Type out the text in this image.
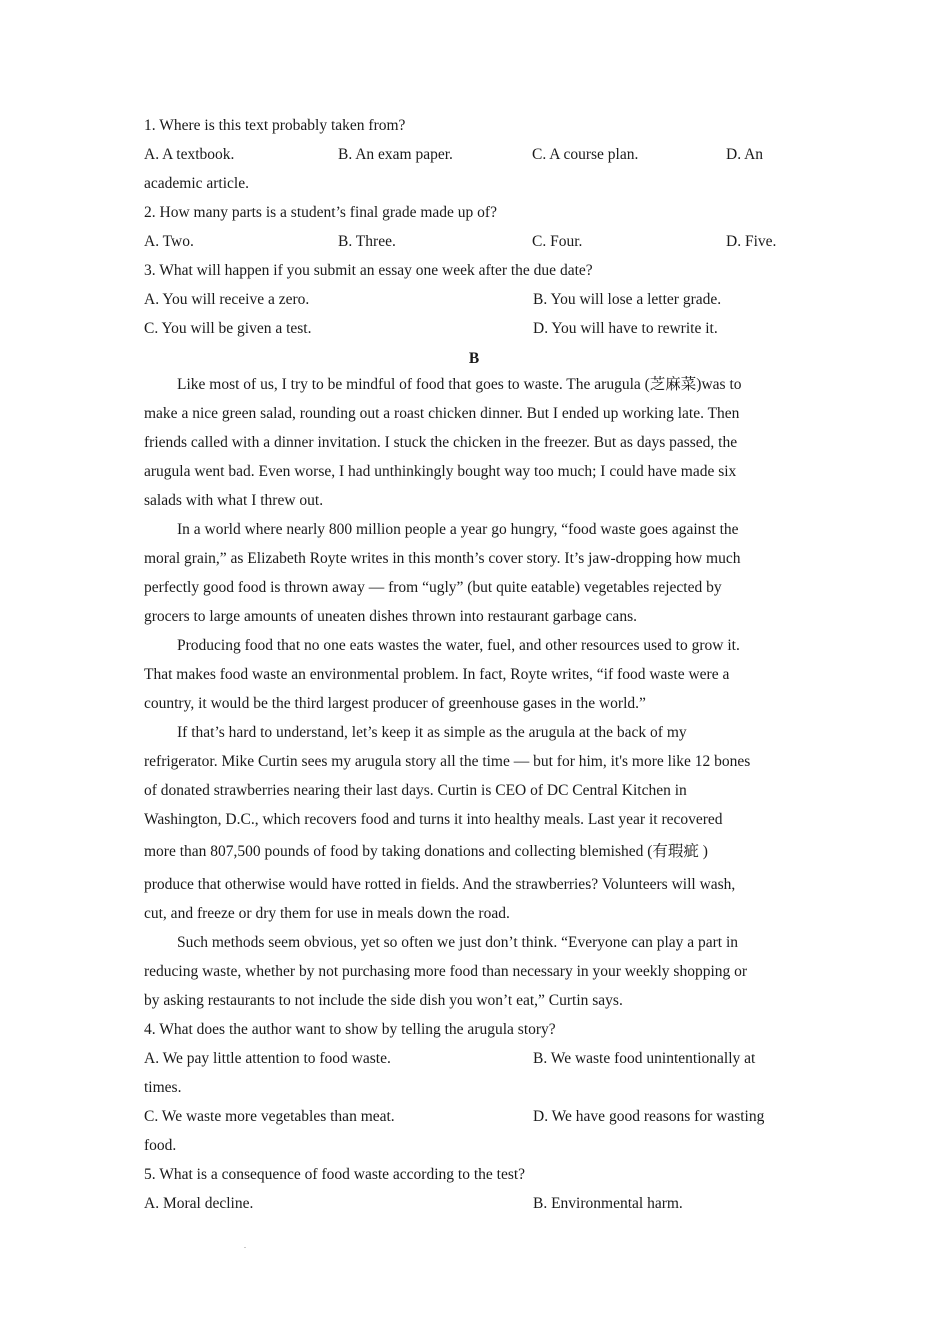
1. Where is this text probably taken from?
A. A textbook.	B. An exam paper.	C. A course plan.	D. An
academic article.
2. How many parts is a student’s final grade made up of?
A. Two.	B. Three.	C. Four.	D. Five.
3. What will happen if you submit an essay one week after the due date?
A. You will receive a zero.	B. You will lose a letter grade.
C. You will be given a test.	D. You will have to rewrite it.
B
Like most of us, I try to be mindful of food that goes to waste. The arugula (芝麻菜)was to
make a nice green salad, rounding out a roast chicken dinner. But I ended up working late. Then
friends called with a dinner invitation. I stuck the chicken in the freezer. But as days passed, the
arugula went bad. Even worse, I had unthinkingly bought way too much; I could have made six
salads with what I threw out.
In a world where nearly 800 million people a year go hungry, “food waste goes against the
moral grain,” as Elizabeth Royte writes in this month’s cover story. It’s jaw-dropping how much
perfectly good food is thrown away — from “ugly” (but quite eatable) vegetables rejected by
grocers to large amounts of uneaten dishes thrown into restaurant garbage cans.
Producing food that no one eats wastes the water, fuel, and other resources used to grow it.
That makes food waste an environmental problem. In fact, Royte writes, “if food waste were a
country, it would be the third largest producer of greenhouse gases in the world.”
If that’s hard to understand, let’s keep it as simple as the arugula at the back of my
refrigerator. Mike Curtin sees my arugula story all the time — but for him, it's more like 12 bones
of donated strawberries nearing their last days. Curtin is CEO of DC Central Kitchen in
Washington, D.C., which recovers food and turns it into healthy meals. Last year it recovered
more than 807,500 pounds of food by taking donations and collecting blemished (有瑕疵 )
produce that otherwise would have rotted in fields. And the strawberries? Volunteers will wash,
cut, and freeze or dry them for use in meals down the road.
Such methods seem obvious, yet so often we just don’t think. “Everyone can play a part in
reducing waste, whether by not purchasing more food than necessary in your weekly shopping or
by asking restaurants to not include the side dish you won’t eat,” Curtin says.
4. What does the author want to show by telling the arugula story?
A. We pay little attention to food waste.	B. We waste food unintentionally at
times.
C. We waste more vegetables than meat.	D. We have good reasons for wasting
food.
5. What is a consequence of food waste according to the test?
A. Moral decline.	B. Environmental harm.
